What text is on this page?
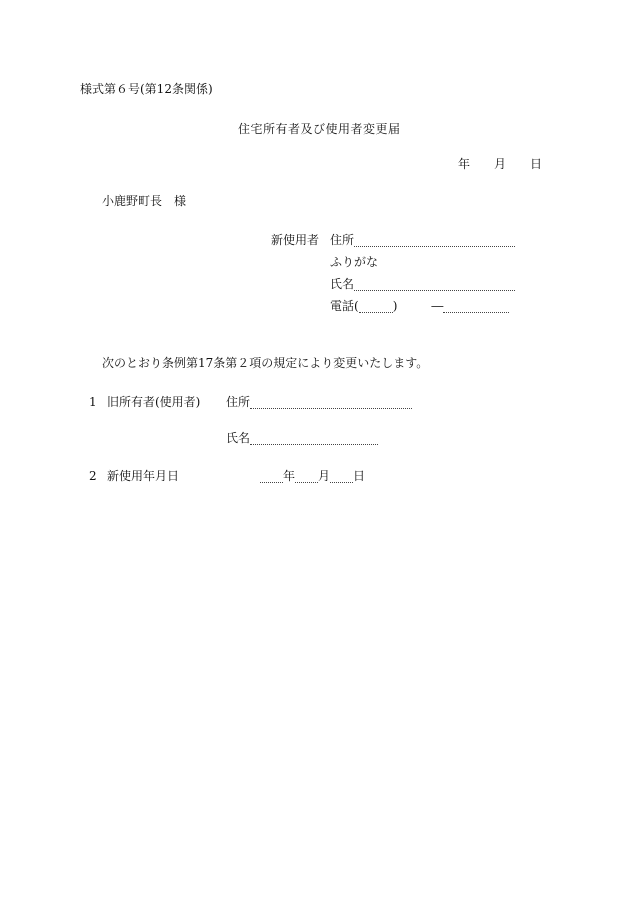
様式第６号(第12条関係)
住宅所有者及び使用者変更届
年 月 日
小鹿野町長　様
新使用者 住所
ふりがな
氏名
電話(	)	―
次のとおり条例第17条第２項の規定により変更いたします。
1 旧所有者(使用者) 住所
氏名
2 新使用年月日	年 月 日
